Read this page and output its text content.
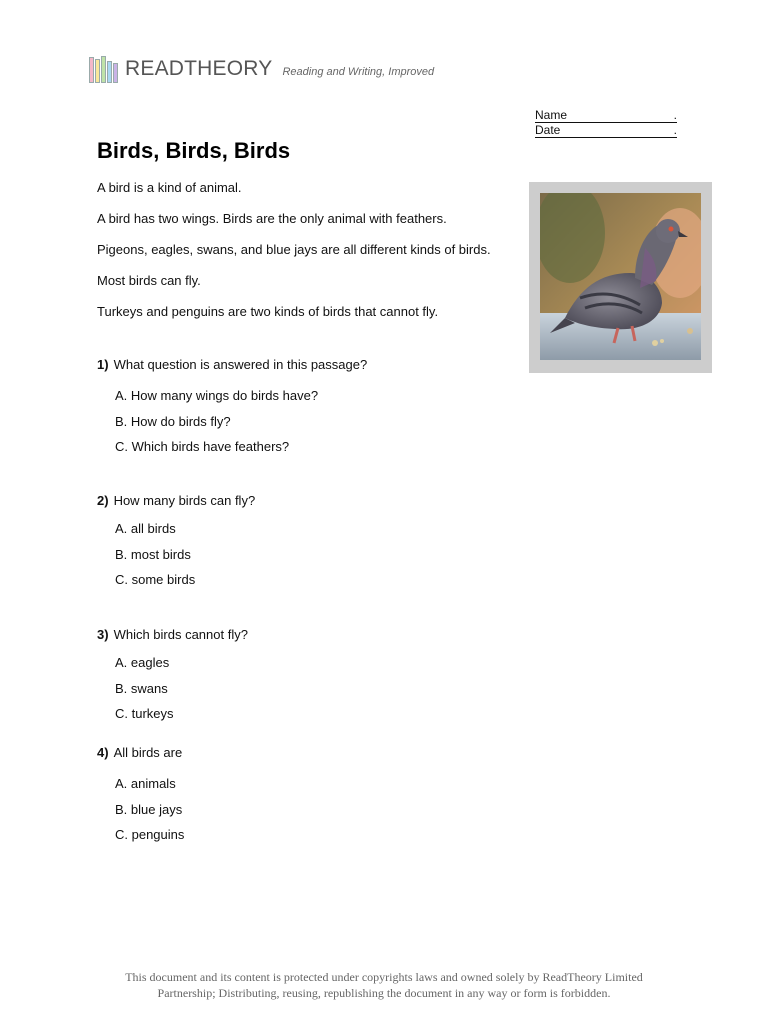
READTHEORY Reading and Writing, Improved
Name	.
Date	.
Birds, Birds, Birds

A bird is a kind of animal.

A bird has two wings. Birds are the only animal with feathers.

Pigeons, eagles, swans, and blue jays are all different kinds of birds.

Most birds can fly.

Turkeys and penguins are two kinds of birds that cannot fly.

1) What question is answered in this passage?
A. How many wings do birds have?
B. How do birds fly?
C. Which birds have feathers?
2) How many birds can fly?
A. all birds
B. most birds
C. some birds
3) Which birds cannot fly?
A. eagles
B. swans
C. turkeys
4) All birds are
A. animals
B. blue jays
C. penguins
This document and its content is protected under copyrights laws and owned solely by ReadTheory Limited
Partnership; Distributing, reusing, republishing the document in any way or form is forbidden.
